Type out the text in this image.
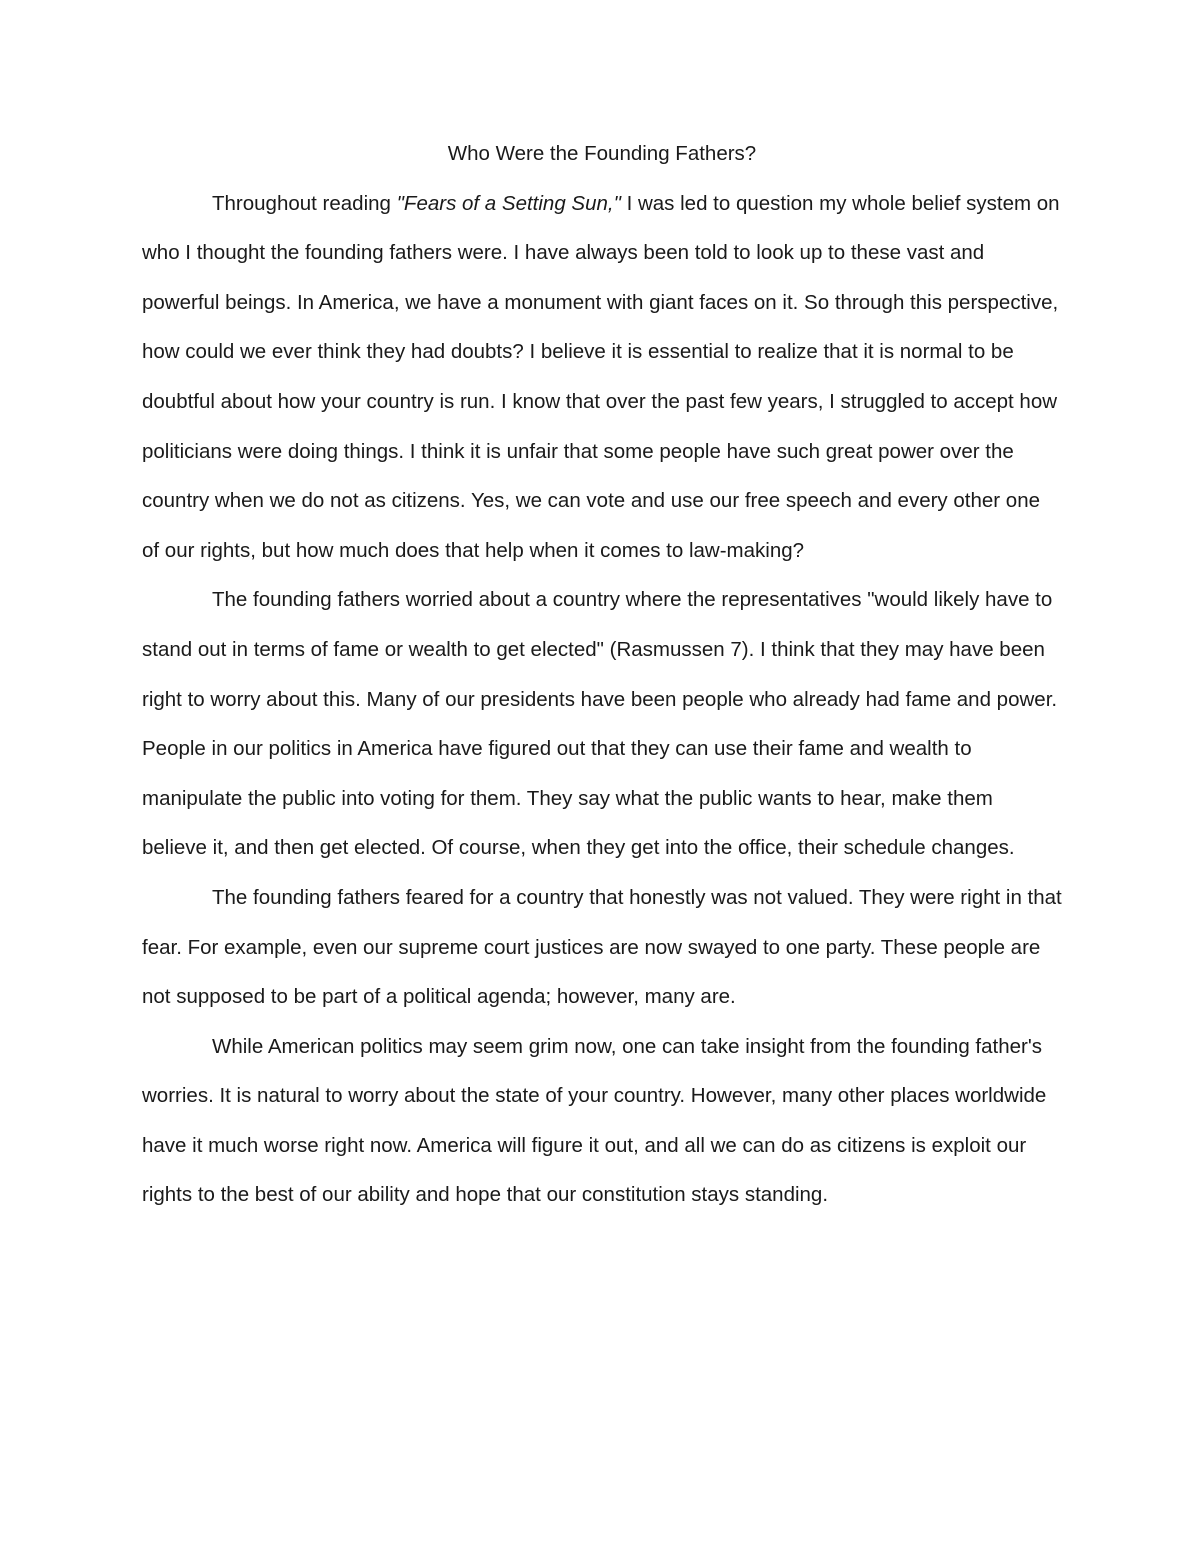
Who Were the Founding Fathers?

Throughout reading "Fears of a Setting Sun," I was led to question my whole belief system on who I thought the founding fathers were. I have always been told to look up to these vast and powerful beings. In America, we have a monument with giant faces on it. So through this perspective, how could we ever think they had doubts? I believe it is essential to realize that it is normal to be doubtful about how your country is run. I know that over the past few years, I struggled to accept how politicians were doing things. I think it is unfair that some people have such great power over the country when we do not as citizens. Yes, we can vote and use our free speech and every other one of our rights, but how much does that help when it comes to law-making?

The founding fathers worried about a country where the representatives "would likely have to stand out in terms of fame or wealth to get elected" (Rasmussen 7). I think that they may have been right to worry about this. Many of our presidents have been people who already had fame and power. People in our politics in America have figured out that they can use their fame and wealth to manipulate the public into voting for them. They say what the public wants to hear, make them believe it, and then get elected. Of course, when they get into the office, their schedule changes.

The founding fathers feared for a country that honestly was not valued. They were right in that fear. For example, even our supreme court justices are now swayed to one party. These people are not supposed to be part of a political agenda; however, many are.

While American politics may seem grim now, one can take insight from the founding father's worries. It is natural to worry about the state of your country. However, many other places worldwide have it much worse right now. America will figure it out, and all we can do as citizens is exploit our rights to the best of our ability and hope that our constitution stays standing.
